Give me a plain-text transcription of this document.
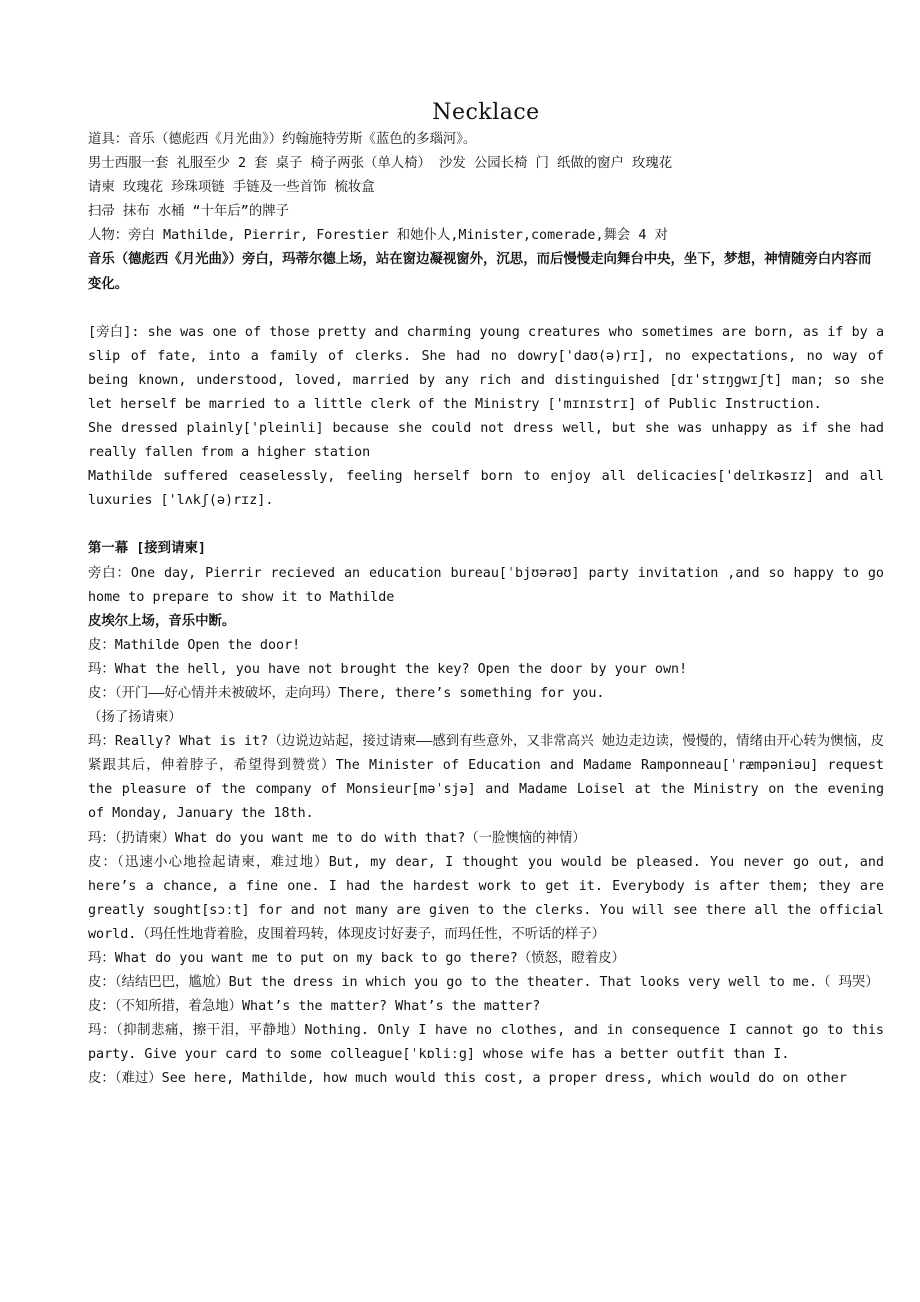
Necklace

道具：音乐（德彪西《月光曲》）约翰施特劳斯《蓝色的多瑙河》。

男士西服一套 礼服至少 2 套 桌子 椅子两张（单人椅） 沙发 公园长椅 门 纸做的窗户 玫瑰花

请柬 玫瑰花 珍珠项链 手链及一些首饰 梳妆盒

扫帚 抹布 水桶 “十年后”的牌子

人物：旁白 Mathilde, Pierrir, Forestier 和她仆人,Minister,comerade,舞会 4 对

音乐（德彪西《月光曲》）旁白，玛蒂尔德上场，站在窗边凝视窗外，沉思，而后慢慢走向舞台中央，坐下，梦想，神情随旁白内容而变化。

[旁白]: she was one of those pretty and charming young creatures who sometimes are born, as if by a slip of fate, into a family of clerks. She had no dowry['daʊ(ə)rɪ], no expectations, no way of being known, understood, loved, married by any rich and distinguished [dɪ'stɪŋgwɪʃt] man; so she let herself be married to a little clerk of the Ministry ['mɪnɪstrɪ] of Public Instruction.

She dressed plainly['pleinli] because she could not dress well, but she was unhappy as if she had really fallen from a higher station

Mathilde suffered ceaselessly, feeling herself born to enjoy all delicacies['delɪkəsɪz] and all luxuries ['lʌkʃ(ə)rɪz].

第一幕 [接到请柬]

旁白：One day, Pierrir recieved an education bureau[ˈbjʊərəʊ] party invitation ,and so happy to go home to prepare to show it to Mathilde

皮埃尔上场，音乐中断。

皮：Mathilde Open the door!

玛：What the hell, you have not brought the key? Open the door by your own!

皮：（开门——好心情并未被破坏，走向玛）There, there’s something for you.

（扬了扬请柬）

玛：Really? What is it?（边说边站起，接过请柬——感到有些意外，又非常高兴 她边走边读，慢慢的，情绪由开心转为懊恼，皮紧跟其后，伸着脖子，希望得到赞赏）The Minister of Education and Madame Ramponneau[ˈræmpəniəu] request the pleasure of the company of Monsieur[məˈsjə] and Madame Loisel at the Ministry on the evening of Monday, January the 18th.

玛：（扔请柬）What do you want me to do with that?（一脸懊恼的神情）

皮：（迅速小心地捡起请柬，难过地）But, my dear, I thought you would be pleased. You never go out, and here’s a chance, a fine one. I had the hardest work to get it. Everybody is after them; they are greatly sought[sɔːt] for and not many are given to the clerks. You will see there all the official world.（玛任性地背着脸，皮围着玛转，体现皮讨好妻子，而玛任性，不听话的样子）

玛：What do you want me to put on my back to go there?（愤怒，瞪着皮）

皮：（结结巴巴，尴尬）But the dress in which you go to the theater. That looks very well to me.（ 玛哭）

皮：（不知所措，着急地）What’s the matter? What’s the matter?

玛：（抑制悲痛，擦干泪，平静地）Nothing. Only I have no clothes, and in consequence I cannot go to this party. Give your card to some colleague[ˈkɒliːg] whose wife has a better outfit than I.

皮：（难过）See here, Mathilde, how much would this cost, a proper dress, which would do on other
